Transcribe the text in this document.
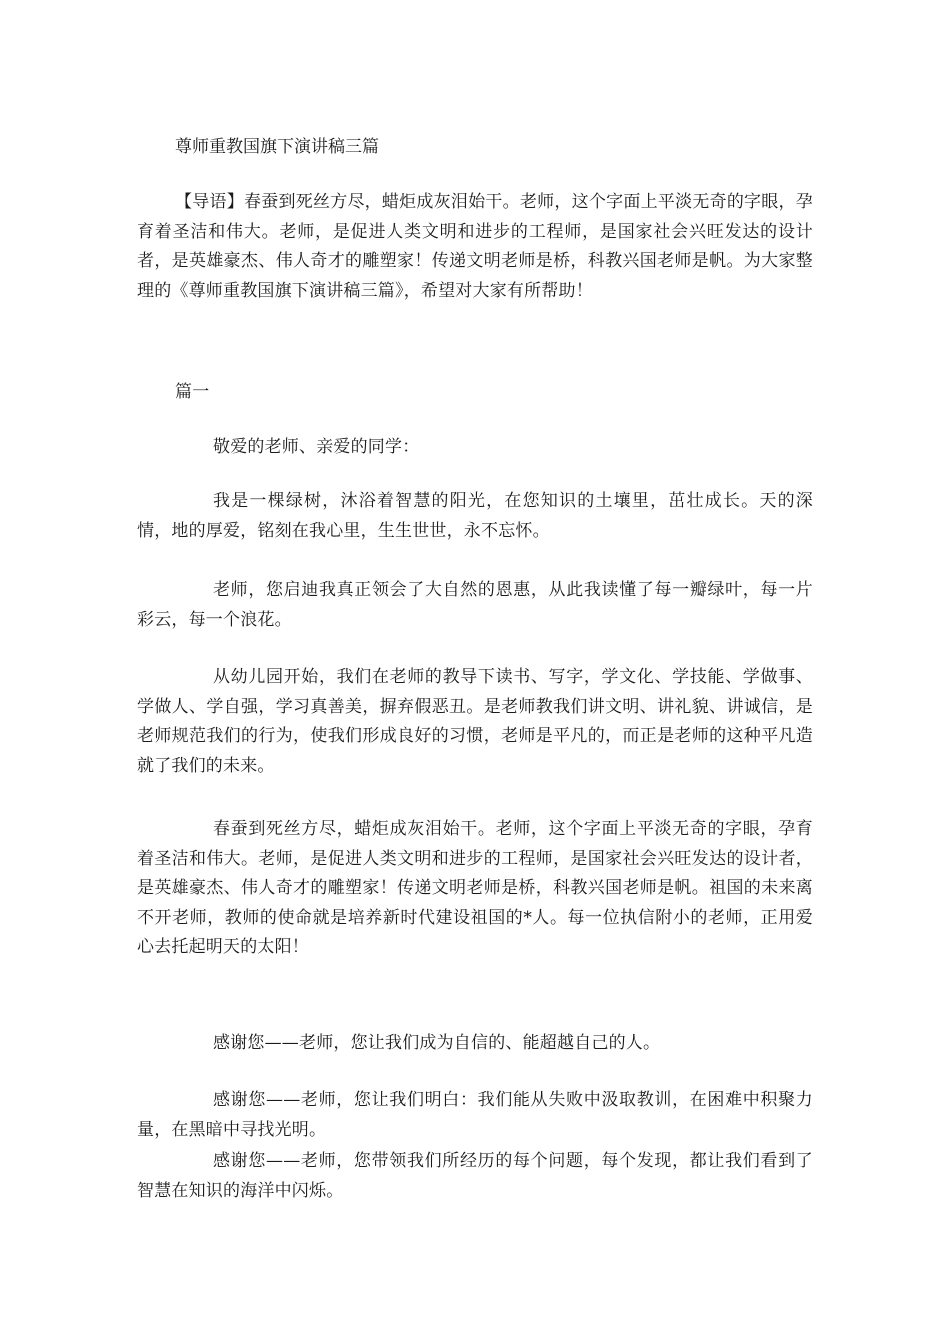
尊师重教国旗下演讲稿三篇

【导语】春蚕到死丝方尽，蜡炬成灰泪始干。老师，这个字面上平淡无奇的字眼，孕育着圣洁和伟大。老师，是促进人类文明和进步的工程师，是国家社会兴旺发达的设计者，是英雄豪杰、伟人奇才的雕塑家！传递文明老师是桥，科教兴国老师是帆。为大家整理的《尊师重教国旗下演讲稿三篇》，希望对大家有所帮助！

篇一

敬爱的老师、亲爱的同学：

我是一棵绿树，沐浴着智慧的阳光，在您知识的土壤里，茁壮成长。天的深情，地的厚爱，铭刻在我心里，生生世世，永不忘怀。

老师，您启迪我真正领会了大自然的恩惠，从此我读懂了每一瓣绿叶，每一片彩云，每一个浪花。

从幼儿园开始，我们在老师的教导下读书、写字，学文化、学技能、学做事、学做人、学自强，学习真善美，摒弃假恶丑。是老师教我们讲文明、讲礼貌、讲诚信，是老师规范我们的行为，使我们形成良好的习惯，老师是平凡的，而正是老师的这种平凡造就了我们的未来。

春蚕到死丝方尽，蜡炬成灰泪始干。老师，这个字面上平淡无奇的字眼，孕育着圣洁和伟大。老师，是促进人类文明和进步的工程师，是国家社会兴旺发达的设计者，是英雄豪杰、伟人奇才的雕塑家！传递文明老师是桥，科教兴国老师是帆。祖国的未来离不开老师，教师的使命就是培养新时代建设祖国的*人。每一位执信附小的老师，正用爱心去托起明天的太阳！

感谢您——老师，您让我们成为自信的、能超越自己的人。

感谢您——老师，您让我们明白：我们能从失败中汲取教训，在困难中积聚力量，在黑暗中寻找光明。

感谢您——老师，您带领我们所经历的每个问题，每个发现，都让我们看到了智慧在知识的海洋中闪烁。
